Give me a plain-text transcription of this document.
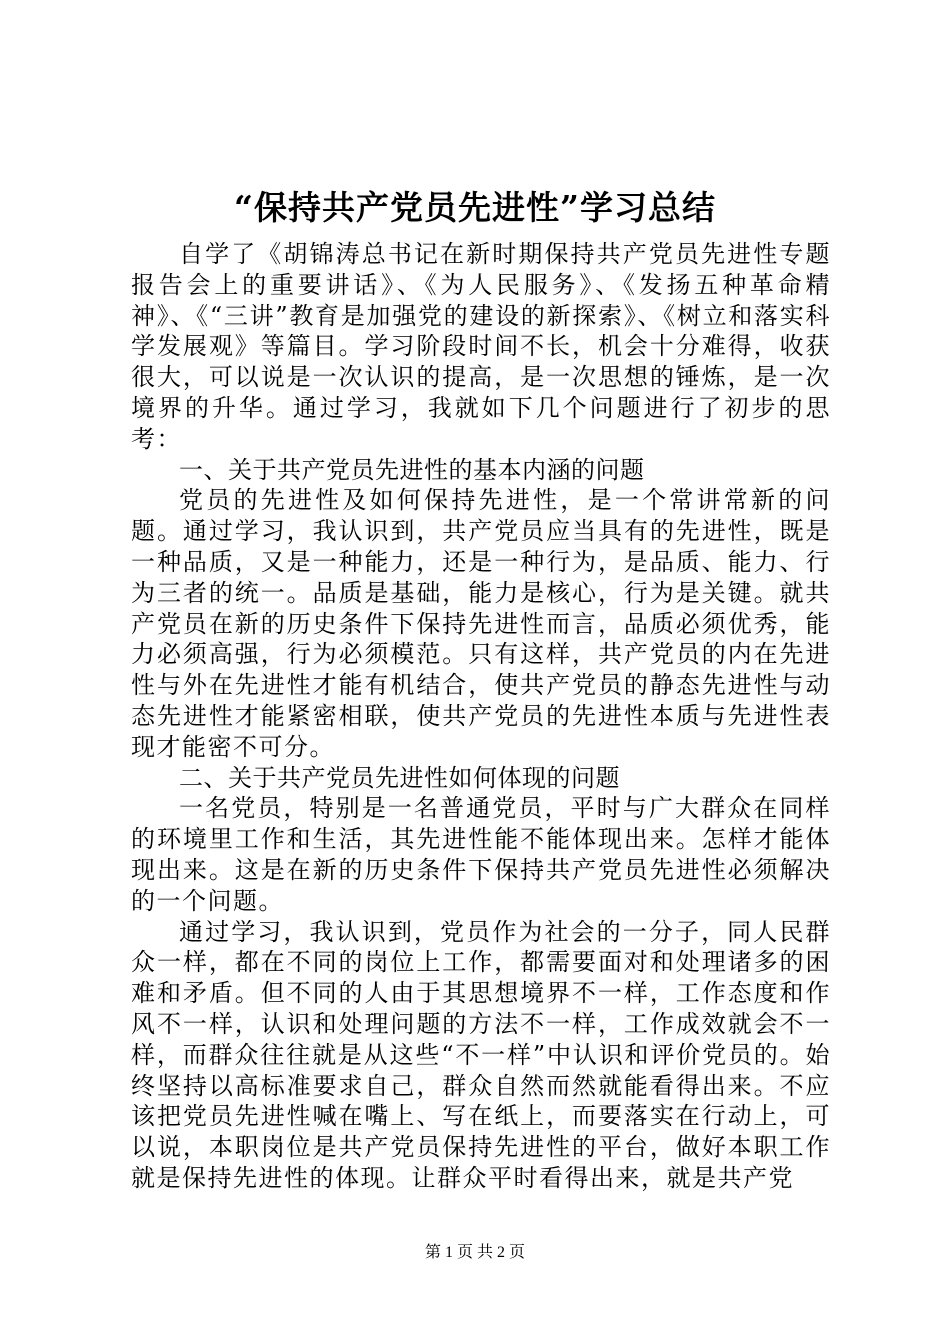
“保持共产党员先进性”学习总结

自学了《胡锦涛总书记在新时期保持共产党员先进性专题报告会上的重要讲话》、《为人民服务》、《发扬五种革命精神》、《“三讲”教育是加强党的建设的新探索》、《树立和落实科学发展观》等篇目。学习阶段时间不长，机会十分难得，收获很大，可以说是一次认识的提高，是一次思想的锤炼，是一次境界的升华。通过学习，我就如下几个问题进行了初步的思考：

一、关于共产党员先进性的基本内涵的问题

党员的先进性及如何保持先进性，是一个常讲常新的问题。通过学习，我认识到，共产党员应当具有的先进性，既是一种品质，又是一种能力，还是一种行为，是品质、能力、行为三者的统一。品质是基础，能力是核心，行为是关键。就共产党员在新的历史条件下保持先进性而言，品质必须优秀，能力必须高强，行为必须模范。只有这样，共产党员的内在先进性与外在先进性才能有机结合，使共产党员的静态先进性与动态先进性才能紧密相联，使共产党员的先进性本质与先进性表现才能密不可分。

二、关于共产党员先进性如何体现的问题

一名党员，特别是一名普通党员，平时与广大群众在同样的环境里工作和生活，其先进性能不能体现出来。怎样才能体现出来。这是在新的历史条件下保持共产党员先进性必须解决的一个问题。

通过学习，我认识到，党员作为社会的一分子，同人民群众一样，都在不同的岗位上工作，都需要面对和处理诸多的困难和矛盾。但不同的人由于其思想境界不一样，工作态度和作风不一样，认识和处理问题的方法不一样，工作成效就会不一样，而群众往往就是从这些“不一样”中认识和评价党员的。始终坚持以高标准要求自己，群众自然而然就能看得出来。不应该把党员先进性喊在嘴上、写在纸上，而要落实在行动上，可以说，本职岗位是共产党员保持先进性的平台，做好本职工作就是保持先进性的体现。让群众平时看得出来，就是共产党

第 1 页 共 2 页
